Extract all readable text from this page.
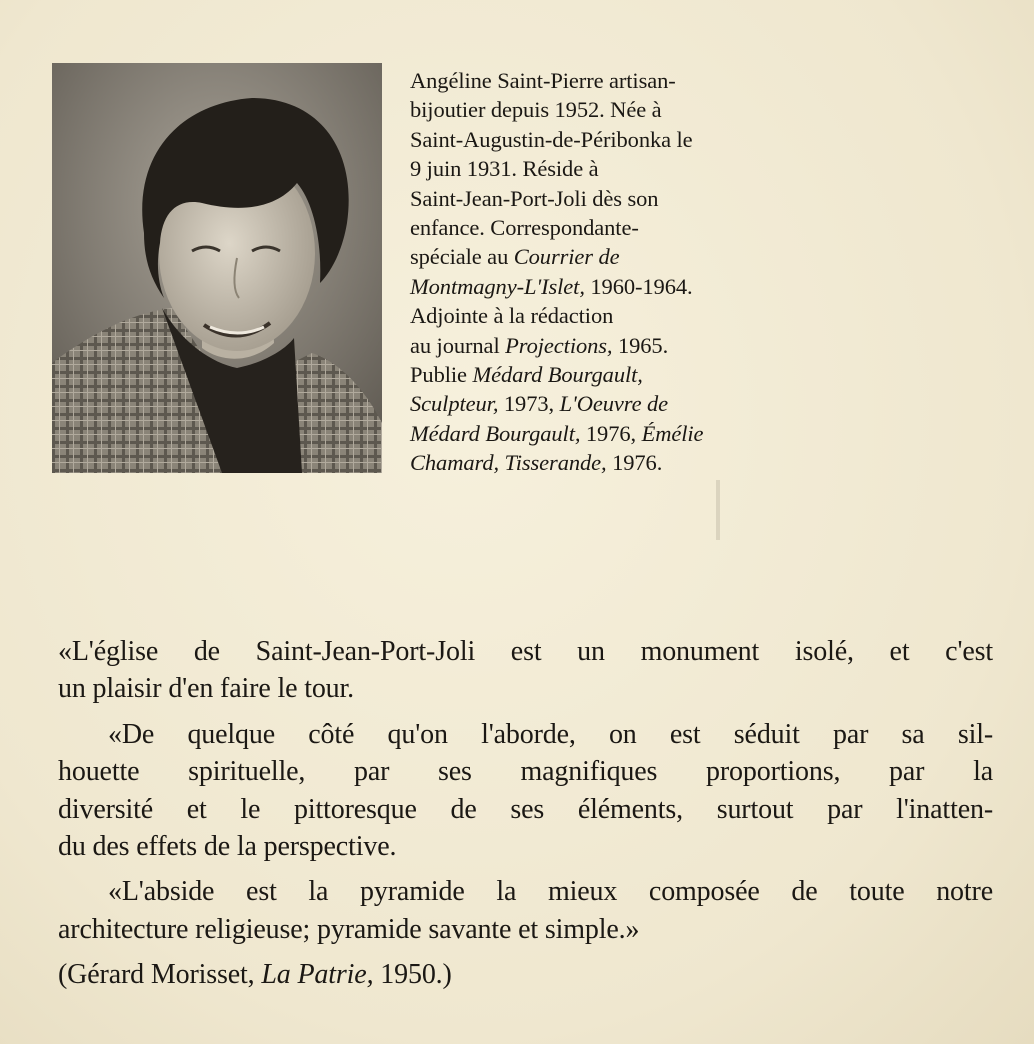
Angéline Saint-Pierre artisan-
bijoutier depuis 1952. Née à
Saint-Augustin-de-Péribonka le
9 juin 1931. Réside à
Saint-Jean-Port-Joli dès son
enfance. Correspondante-
spéciale au Courrier de
Montmagny-L'Islet, 1960-1964.
Adjointe à la rédaction
au journal Projections, 1965.
Publie Médard Bourgault,
Sculpteur, 1973, L'Oeuvre de
Médard Bourgault, 1976, Émélie
Chamard, Tisserande, 1976.
«L'église de Saint-Jean-Port-Joli est un monument isolé, et c'est
un plaisir d'en faire le tour.
«De quelque côté qu'on l'aborde, on est séduit par sa sil-
houette spirituelle, par ses magnifiques proportions, par la
diversité et le pittoresque de ses éléments, surtout par l'inatten-
du des effets de la perspective.
«L'abside est la pyramide la mieux composée de toute notre
architecture religieuse; pyramide savante et simple.»
(Gérard Morisset, La Patrie, 1950.)
